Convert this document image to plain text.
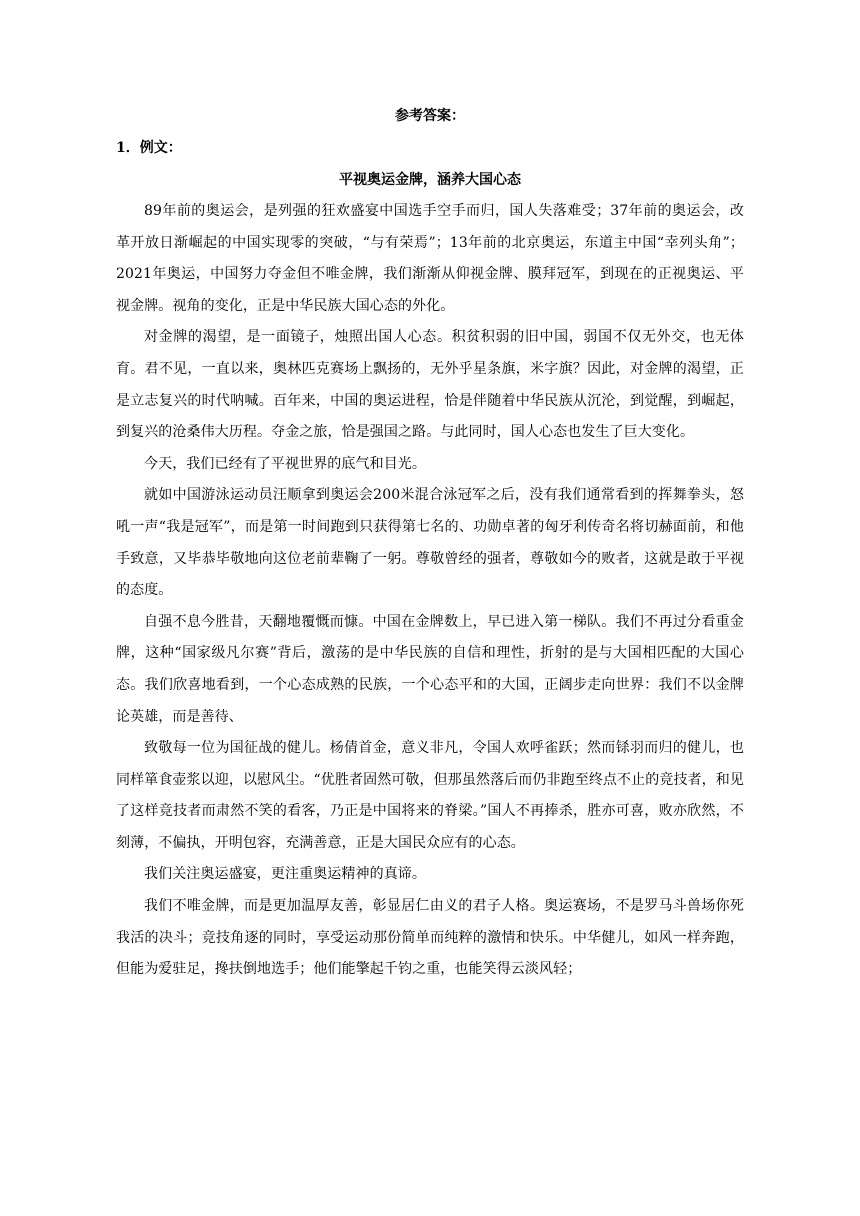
参考答案：

1．例文：

平视奥运金牌，涵养大国心态

89年前的奥运会，是列强的狂欢盛宴中国选手空手而归，国人失落难受；37年前的奥运会，改革开放日渐崛起的中国实现零的突破，“与有荣焉”；13年前的北京奥运，东道主中国“幸列头角”；2021年奥运，中国努力夺金但不唯金牌，我们渐渐从仰视金牌、膜拜冠军，到现在的正视奥运、平视金牌。视角的变化，正是中华民族大国心态的外化。

对金牌的渴望，是一面镜子，烛照出国人心态。积贫积弱的旧中国，弱国不仅无外交，也无体育。君不见，一直以来，奥林匹克赛场上飘扬的，无外乎星条旗，米字旗？因此，对金牌的渴望，正是立志复兴的时代呐喊。百年来，中国的奥运进程，恰是伴随着中华民族从沉沦，到觉醒，到崛起，到复兴的沧桑伟大历程。夺金之旅，恰是强国之路。与此同时，国人心态也发生了巨大变化。

今天，我们已经有了平视世界的底气和目光。

就如中国游泳运动员汪顺拿到奥运会200米混合泳冠军之后，没有我们通常看到的挥舞拳头，怒吼一声“我是冠军”，而是第一时间跑到只获得第七名的、功勋卓著的匈牙利传奇名将切赫面前，和他手致意，又毕恭毕敬地向这位老前辈鞠了一躬。尊敬曾经的强者，尊敬如今的败者，这就是敢于平视的态度。

自强不息今胜昔，天翻地覆慨而慷。中国在金牌数上，早已进入第一梯队。我们不再过分看重金牌，这种“国家级凡尔赛”背后，激荡的是中华民族的自信和理性，折射的是与大国相匹配的大国心态。我们欣喜地看到，一个心态成熟的民族，一个心态平和的大国，正阔步走向世界：我们不以金牌论英雄，而是善待、

致敬每一位为国征战的健儿。杨倩首金，意义非凡，令国人欢呼雀跃；然而铩羽而归的健儿，也同样箪食壶浆以迎，以慰风尘。“优胜者固然可敬，但那虽然落后而仍非跑至终点不止的竞技者，和见了这样竞技者而肃然不笑的看客，乃正是中国将来的脊梁。”国人不再捧杀，胜亦可喜，败亦欣然，不刻薄，不偏执，开明包容，充满善意，正是大国民众应有的心态。

我们关注奥运盛宴，更注重奥运精神的真谛。

我们不唯金牌，而是更加温厚友善，彰显居仁由义的君子人格。奥运赛场，不是罗马斗兽场你死我活的决斗；竞技角逐的同时，享受运动那份简单而纯粹的激情和快乐。中华健儿，如风一样奔跑，但能为爱驻足，搀扶倒地选手；他们能擎起千钧之重，也能笑得云淡风轻；
